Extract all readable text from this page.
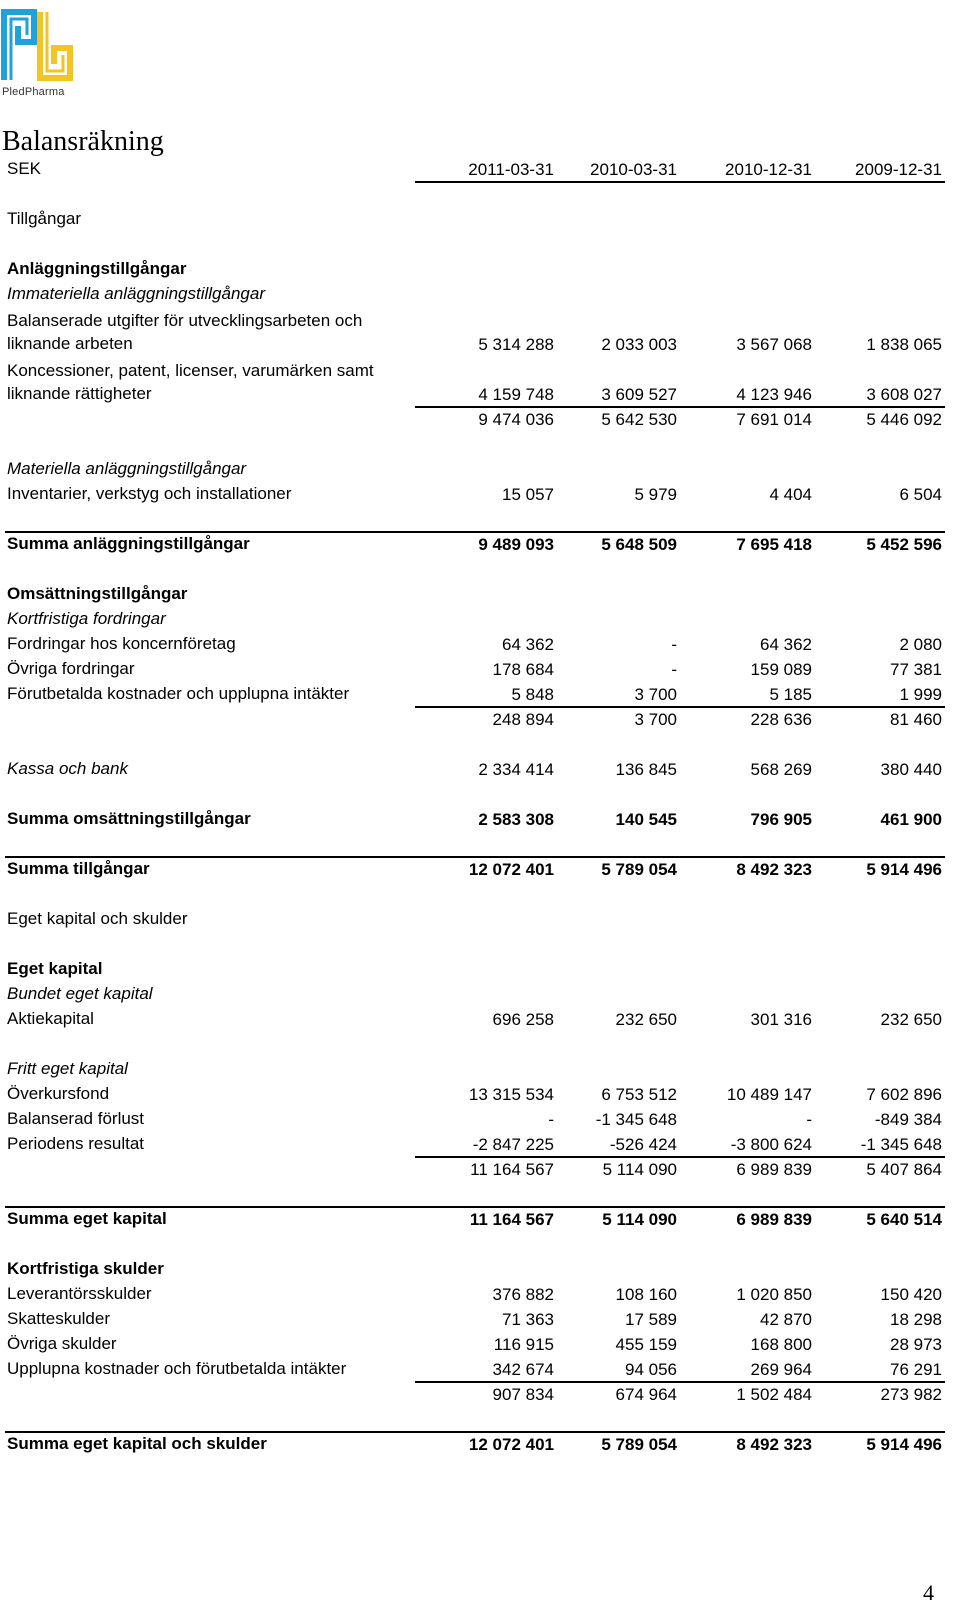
PledPharma
Balansräkning
SEK	2011-03-31	2010-03-31	2010-12-31	2009-12-31
Tillgångar
Anläggningstillgångar
Immateriella anläggningstillgångar
Balanserade utgifter för utvecklingsarbeten och liknande arbeten	5 314 288	2 033 003	3 567 068	1 838 065
Koncessioner, patent, licenser, varumärken samt liknande rättigheter	4 159 748	3 609 527	4 123 946	3 608 027
9 474 036	5 642 530	7 691 014	5 446 092
Materiella anläggningstillgångar
Inventarier, verkstyg och installationer	15 057	5 979	4 404	6 504
Summa anläggningstillgångar	9 489 093	5 648 509	7 695 418	5 452 596
Omsättningstillgångar
Kortfristiga fordringar
Fordringar hos koncernföretag	64 362	-	64 362	2 080
Övriga fordringar	178 684	-	159 089	77 381
Förutbetalda kostnader och upplupna intäkter	5 848	3 700	5 185	1 999
248 894	3 700	228 636	81 460
Kassa och bank	2 334 414	136 845	568 269	380 440
Summa omsättningstillgångar	2 583 308	140 545	796 905	461 900
Summa tillgångar	12 072 401	5 789 054	8 492 323	5 914 496
Eget kapital och skulder
Eget kapital
Bundet eget kapital
Aktiekapital	696 258	232 650	301 316	232 650
Fritt eget kapital
Överkursfond	13 315 534	6 753 512	10 489 147	7 602 896
Balanserad förlust	-	-1 345 648	-	-849 384
Periodens resultat	-2 847 225	-526 424	-3 800 624	-1 345 648
11 164 567	5 114 090	6 989 839	5 407 864
Summa eget kapital	11 164 567	5 114 090	6 989 839	5 640 514
Kortfristiga skulder
Leverantörsskulder	376 882	108 160	1 020 850	150 420
Skatteskulder	71 363	17 589	42 870	18 298
Övriga skulder	116 915	455 159	168 800	28 973
Upplupna kostnader och förutbetalda intäkter	342 674	94 056	269 964	76 291
907 834	674 964	1 502 484	273 982
Summa eget kapital och skulder	12 072 401	5 789 054	8 492 323	5 914 496
4
